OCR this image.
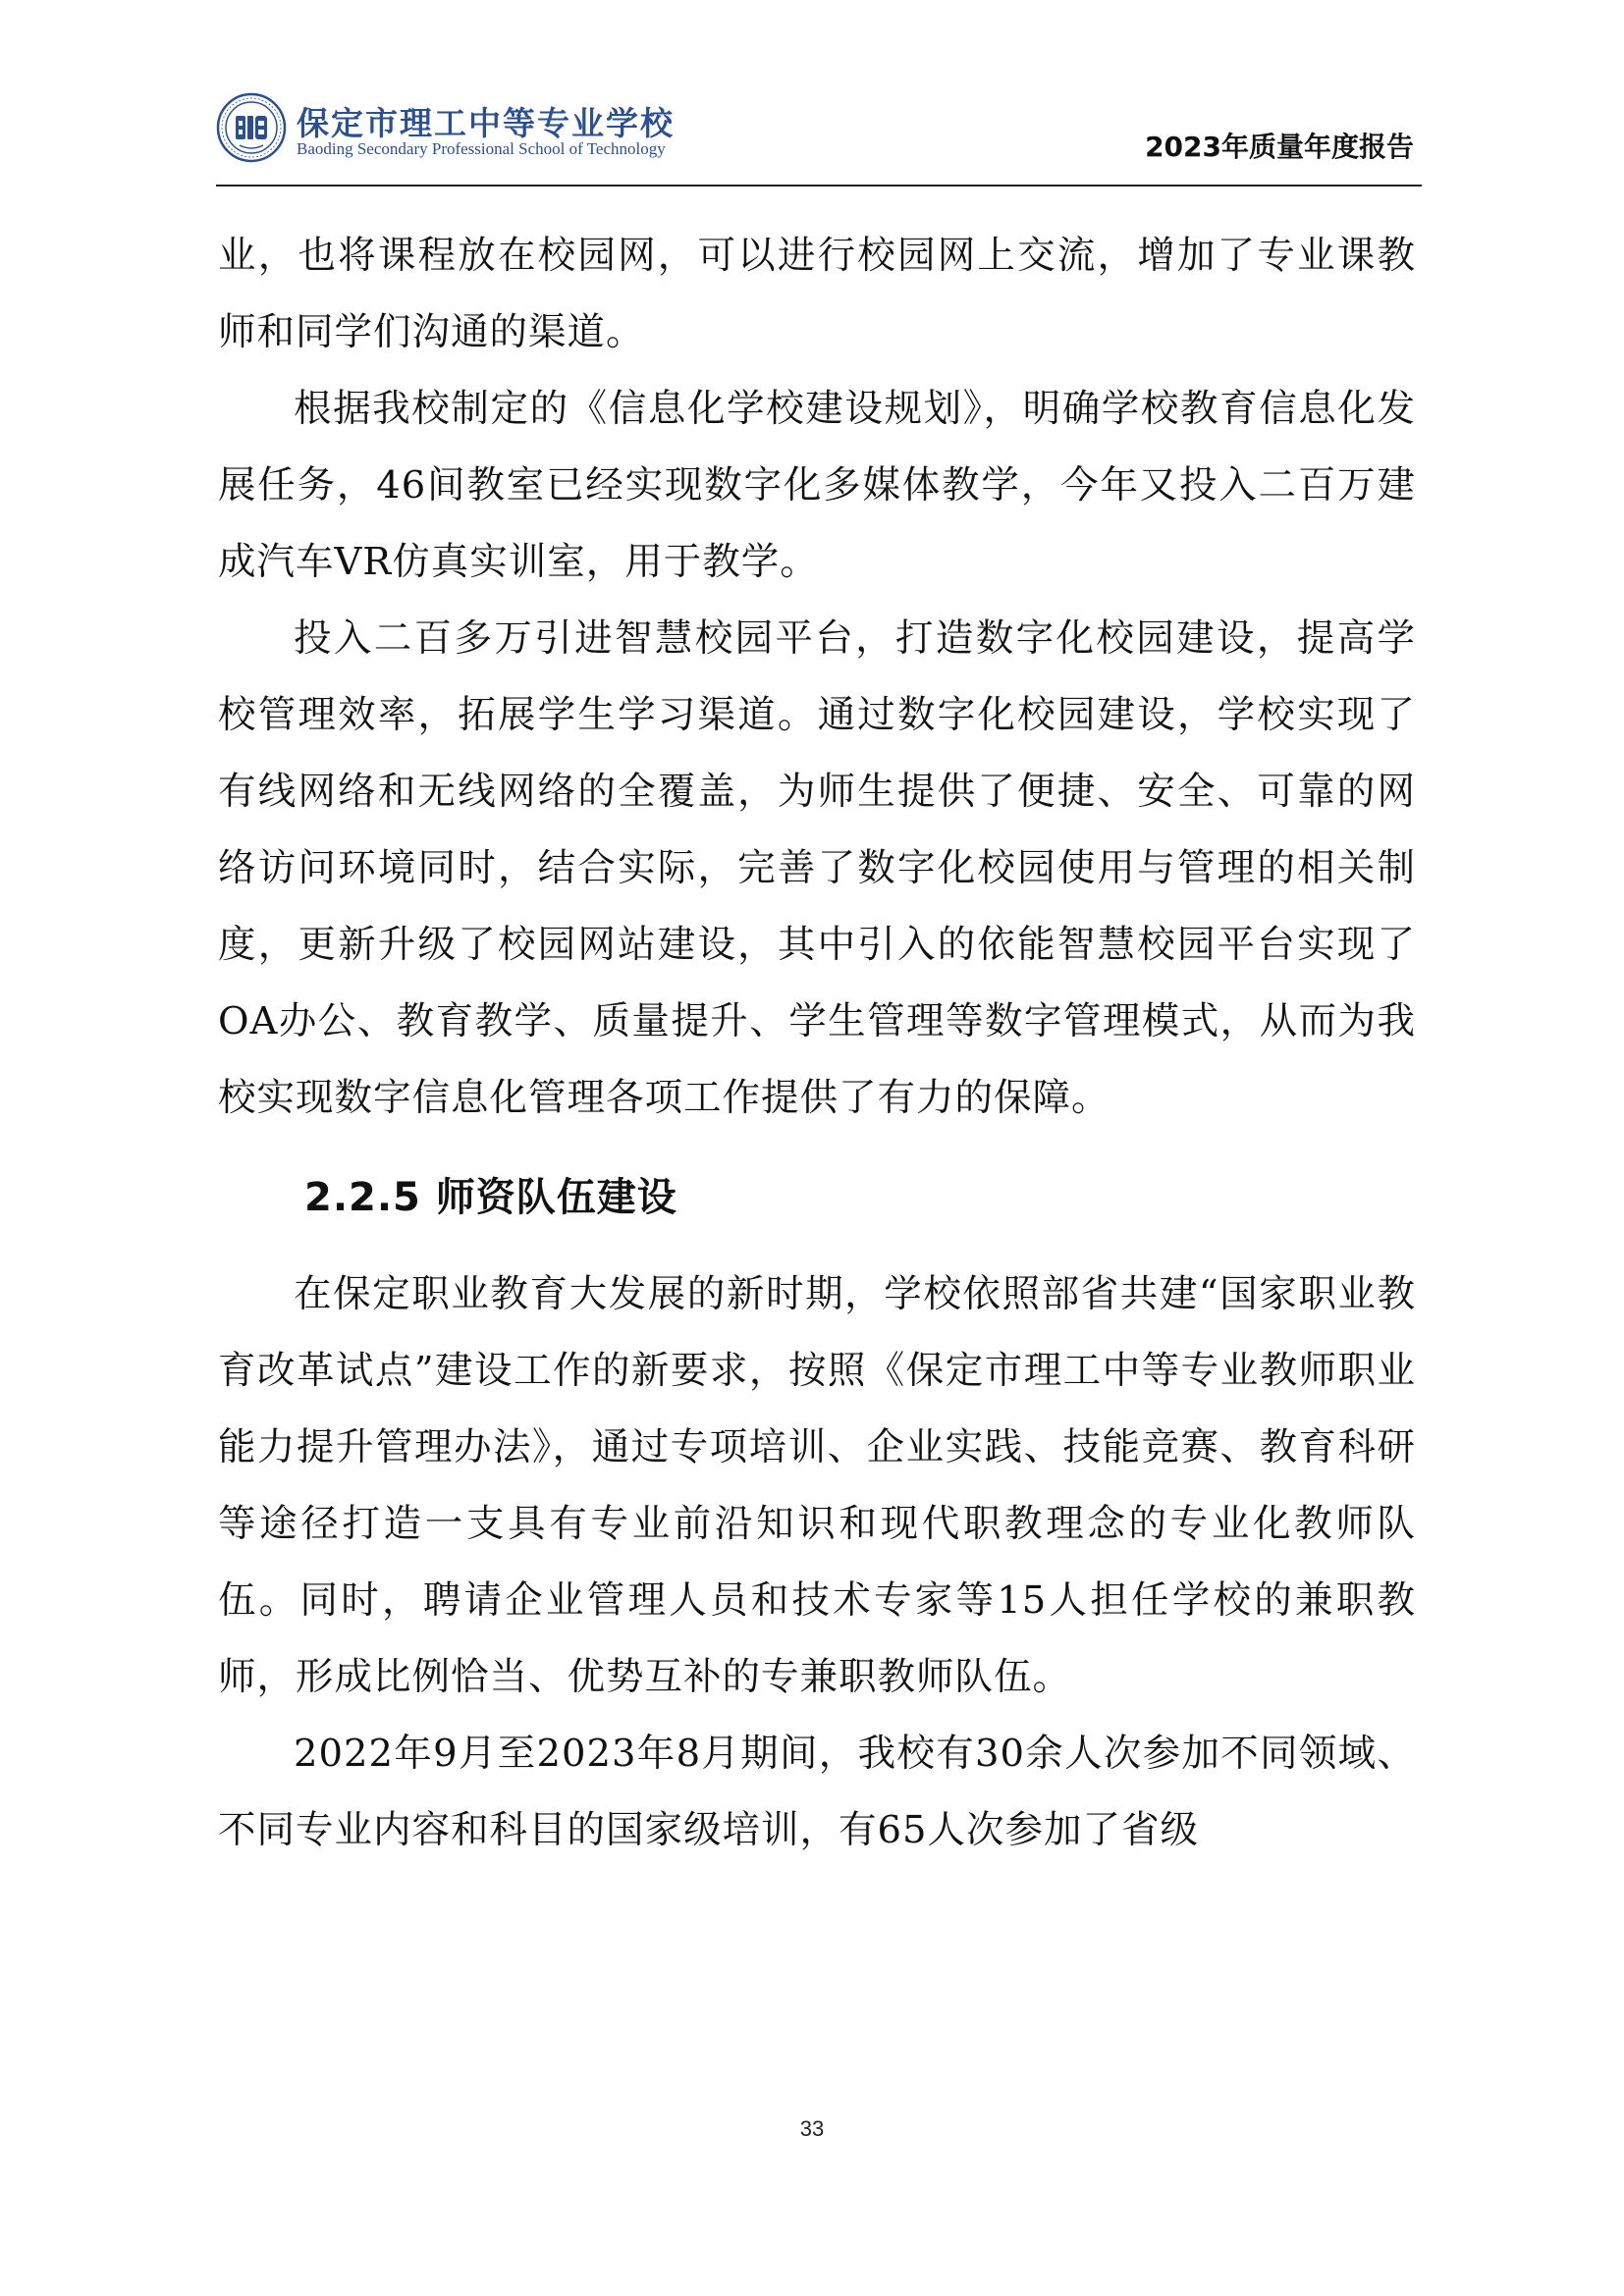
保定市理工中等专业学校
Baoding Secondary Professional School of Technology	2023年质量年度报告

业，也将课程放在校园网，可以进行校园网上交流，增加了专业课教师和同学们沟通的渠道。

根据我校制定的《信息化学校建设规划》，明确学校教育信息化发展任务，46间教室已经实现数字化多媒体教学，今年又投入二百万建成汽车VR仿真实训室，用于教学。

投入二百多万引进智慧校园平台，打造数字化校园建设，提高学校管理效率，拓展学生学习渠道。通过数字化校园建设，学校实现了有线网络和无线网络的全覆盖，为师生提供了便捷、安全、可靠的网络访问环境同时，结合实际，完善了数字化校园使用与管理的相关制度，更新升级了校园网站建设，其中引入的依能智慧校园平台实现了OA办公、教育教学、质量提升、学生管理等数字管理模式，从而为我校实现数字信息化管理各项工作提供了有力的保障。

2.2.5 师资队伍建设

在保定职业教育大发展的新时期，学校依照部省共建“国家职业教育改革试点”建设工作的新要求，按照《保定市理工中等专业教师职业能力提升管理办法》，通过专项培训、企业实践、技能竞赛、教育科研等途径打造一支具有专业前沿知识和现代职教理念的专业化教师队伍。同时，聘请企业管理人员和技术专家等15人担任学校的兼职教师，形成比例恰当、优势互补的专兼职教师队伍。

2022年9月至2023年8月期间，我校有30余人次参加不同领域、不同专业内容和科目的国家级培训，有65人次参加了省级

33
